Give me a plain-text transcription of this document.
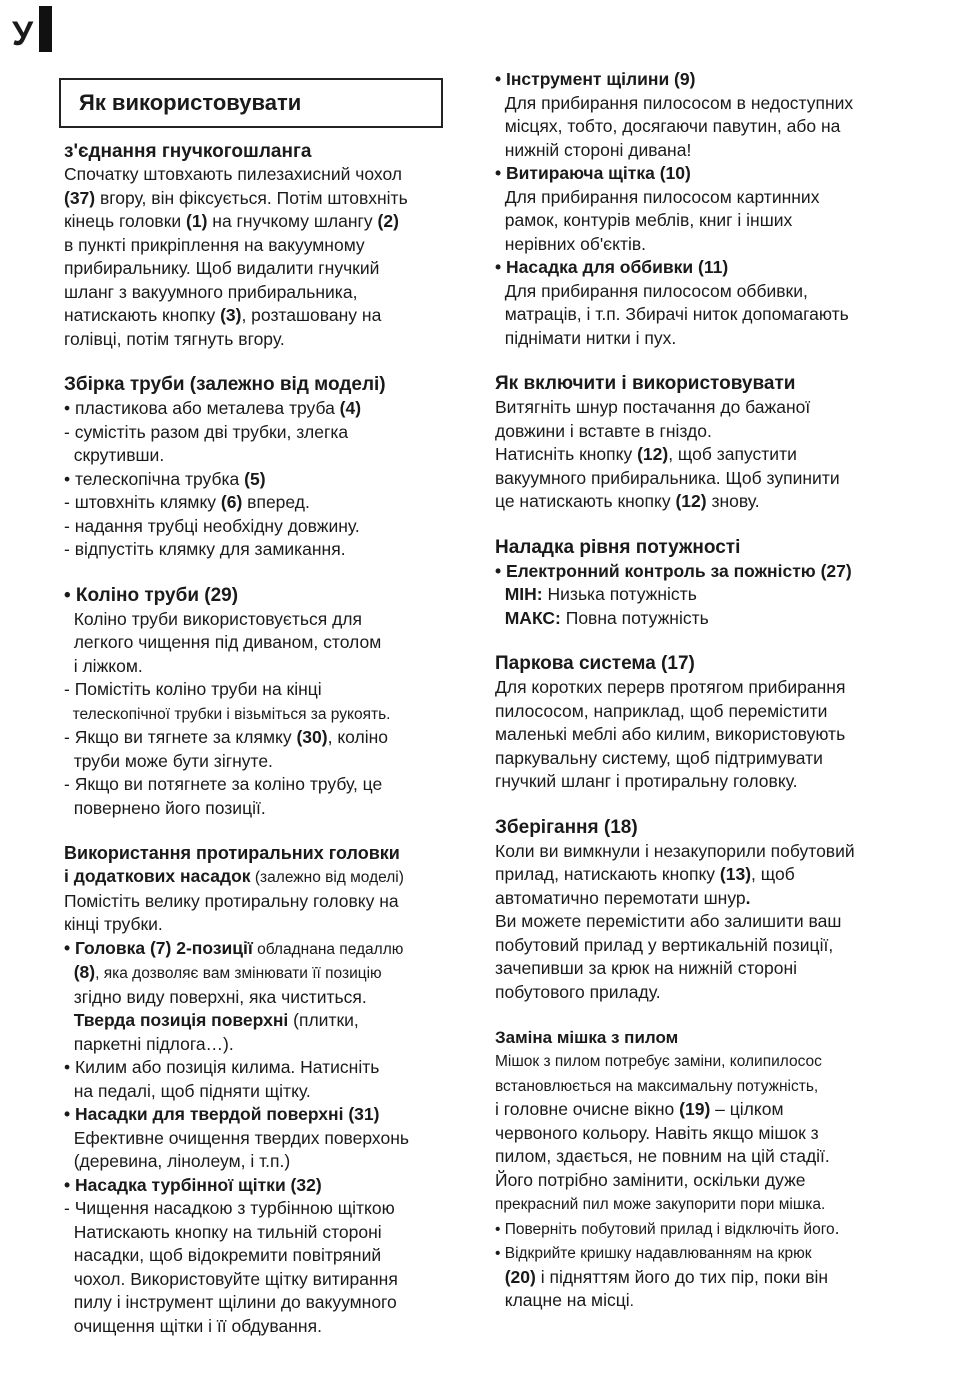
У
Як використовувати
з'єднання гнучкогошланга
Спочатку штовхають пилезахисний чохол
(37) вгору, він фіксується. Потім штовхніть
кінець головки (1) на гнучкому шлангу (2)
в пункті прикріплення на вакуумному
прибиральнику. Щоб видалити гнучкий
шланг з вакуумного прибиральника,
натискають кнопку (3), розташовану на
голівці, потім тягнуть вгору.
Збірка труби (залежно від моделі)
• пластикова або металева труба (4)
- сумістіть разом дві трубки, злегка
скрутивши.
• телескопічна трубка (5)
- штовхніть клямку (6) вперед.
- надання трубці необхідну довжину.
- відпустіть клямку для замикання.
• Коліно труби (29)
Коліно труби використовується для
легкого чищення під диваном, столом
і ліжком.
- Помістіть коліно труби на кінці
телескопічної трубки і візьміться за рукоять.
- Якщо ви тягнете за клямку (30), коліно
труби може бути зігнуте.
- Якщо ви потягнете за коліно трубу, це
повернено його позиції.
Використання протиральних головки
і додаткових насадок (залежно від моделі)
Помістіть велику протиральну головку на
кінці трубки.
• Головка (7) 2-позиції обладнана педаллю
(8), яка дозволяє вам змінювати її позицію
згідно виду поверхні, яка чиститься.
Тверда позиція поверхні (плитки,
паркетні підлога…).
• Килим або позиція килима. Натисніть
на педалі, щоб підняти щітку.
• Насадки для твердой поверхні (31)
Ефективне очищення твердих поверхонь
(деревина, лінолеум, і т.п.)
• Насадка турбінної щітки (32)
- Чищення насадкою з турбінною щіткою
Натискають кнопку на тильній стороні
насадки, щоб відокремити повітряний
чохол. Використовуйте щітку витирання
пилу і інструмент щілини до вакуумного
очищення щітки і її обдування.
• Інструмент щілини (9)
Для прибирання пилососом в недоступних
місцях, тобто, досягаючи павутин, або на
нижній стороні дивана!
• Витираюча щітка (10)
Для прибирання пилососом картинних
рамок, контурів меблів, книг і інших
нерівних об'єктів.
• Насадка для оббивки (11)
Для прибирання пилососом оббивки,
матраців, і т.п. Збирачі ниток допомагають
піднімати нитки і пух.
Як включити і використовувати
Витягніть шнур постачання до бажаної
довжини і вставте в гніздо.
Натисніть кнопку (12), щоб запустити
вакуумного прибиральника. Щоб зупинити
це натискають кнопку (12) знову.
Наладка рівня потужності
• Електронний контроль за пожністю (27)
МІН: Низька потужність
МАКС: Повна потужність
Паркова система (17)
Для коротких перерв протягом прибирання
пилососом, наприклад, щоб перемістити
маленькі меблі або килим, використовують
паркувальну систему, щоб підтримувати
гнучкий шланг і протиральну головку.
Зберігання (18)
Коли ви вимкнули і незакупорили побутовий
прилад, натискають кнопку (13), щоб
автоматично перемотати шнур.
Ви можете перемістити або залишити ваш
побутовий прилад у вертикальній позиції,
зачепивши за крюк на нижній стороні
побутового приладу.
Заміна мішка з пилом
Мішок з пилом потребує заміни, колипилосос
встановлюється на максимальну потужність,
і головне очисне вікно (19) – цілком
червоного кольору. Навіть якщо мішок з
пилом, здається, не повним на цій стадії.
Його потрібно замінити, оскільки дуже
прекрасний пил може закупорити пори мішка.
• Поверніть побутовий прилад і відключіть його.
• Відкрийте кришку надавлюванням на крюк
(20) і підняттям його до тих пір, поки він
клацне на місці.
